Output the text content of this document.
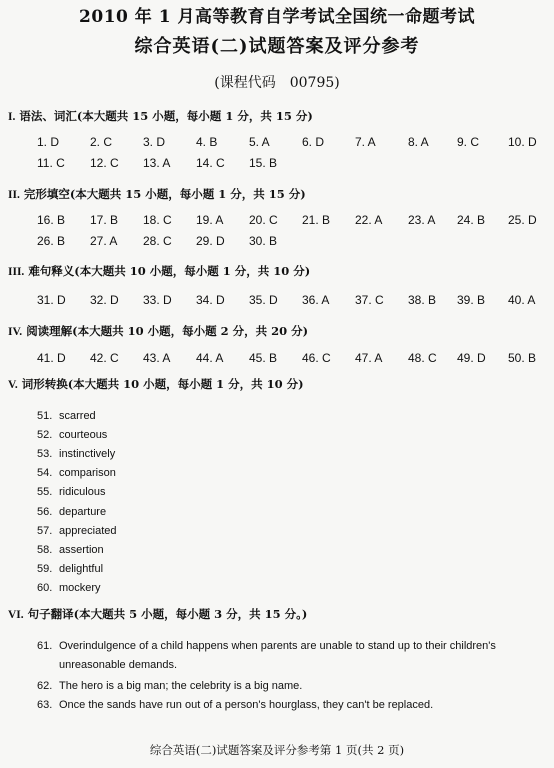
2010 年 1 月高等教育自学考试全国统一命题考试
综合英语(二)试题答案及评分参考
(课程代码　00795)
I. 语法、词汇(本大题共 15 小题，每小题 1 分，共 15 分)
1. D	2. C	3. D	4. B	5. A	6. D	7. A	8. A 9. C 10. D
11. C 12. C 13. A 14. C 15. B
II. 完形填空(本大题共 15 小题，每小题 1 分，共 15 分)
16. B 17. B 18. C 19. A 20. C 21. B 22. A 23. A 24. B 25. D
26. B 27. A 28. C 29. D 30. B
III. 难句释义(本大题共 10 小题，每小题 1 分，共 10 分)
31. D 32. D 33. D 34. D 35. D 36. A 37. C 38. B 39. B 40. A
IV. 阅读理解(本大题共 10 小题，每小题 2 分，共 20 分)
41. D 42. C 43. A 44. A 45. B 46. C 47. A 48. C 49. D 50. B
V. 词形转换(本大题共 10 小题，每小题 1 分，共 10 分)
51. scarred
52. courteous
53. instinctively
54. comparison
55. ridiculous
56. departure
57. appreciated
58. assertion
59. delightful
60. mockery
VI. 句子翻译(本大题共 5 小题，每小题 3 分，共 15 分。)
61. Overindulgence of a child happens when parents are unable to stand up to their children's
unreasonable demands.
62. The hero is a big man; the celebrity is a big name.
63. Once the sands have run out of a person's hourglass, they can't be replaced.
综合英语(二)试题答案及评分参考第 1 页(共 2 页)
